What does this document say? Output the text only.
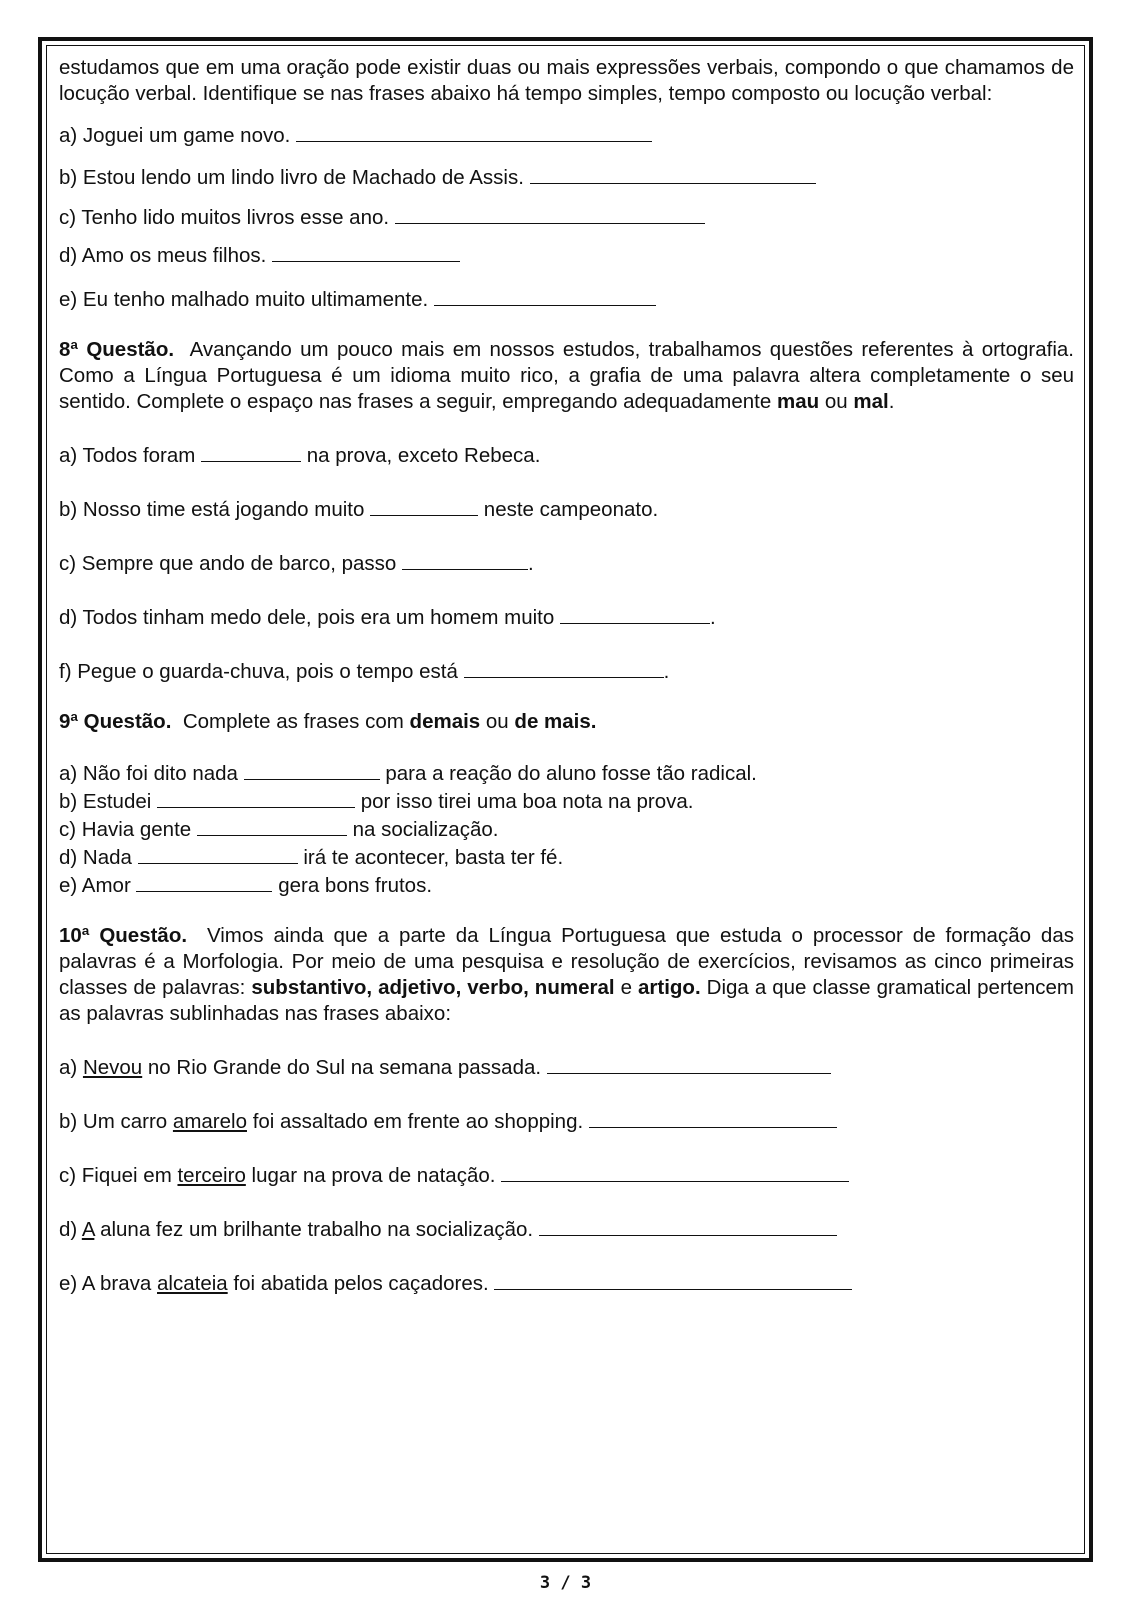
estudamos que em uma oração pode existir duas ou mais expressões verbais, compondo o que chamamos de locução verbal. Identifique se nas frases abaixo há tempo simples, tempo composto ou locução verbal:

a) Joguei um game novo.

b) Estou lendo um lindo livro de Machado de Assis.

c) Tenho lido muitos livros esse ano.

d) Amo os meus filhos.

e) Eu tenho malhado muito ultimamente.

8ª Questão. Avançando um pouco mais em nossos estudos, trabalhamos questões referentes à ortografia. Como a Língua Portuguesa é um idioma muito rico, a grafia de uma palavra altera completamente o seu sentido. Complete o espaço nas frases a seguir, empregando adequadamente mau ou mal.

a) Todos foram	na prova, exceto Rebeca.

b) Nosso time está jogando muito	neste campeonato.

c) Sempre que ando de barco, passo	.

d) Todos tinham medo dele, pois era um homem muito	.

f) Pegue o guarda-chuva, pois o tempo está	.

9ª Questão. Complete as frases com demais ou de mais.

a) Não foi dito nada	para a reação do aluno fosse tão radical.

b) Estudei	por isso tirei uma boa nota na prova.

c) Havia gente	na socialização.

d) Nada	irá te acontecer, basta ter fé.

e) Amor	gera bons frutos.

10ª Questão. Vimos ainda que a parte da Língua Portuguesa que estuda o processor de formação das palavras é a Morfologia. Por meio de uma pesquisa e resolução de exercícios, revisamos as cinco primeiras classes de palavras: substantivo, adjetivo, verbo, numeral e artigo. Diga a que classe gramatical pertencem as palavras sublinhadas nas frases abaixo:

a) Nevou no Rio Grande do Sul na semana passada.

b) Um carro amarelo foi assaltado em frente ao shopping.

c) Fiquei em terceiro lugar na prova de natação.

d) A aluna fez um brilhante trabalho na socialização.

e) A brava alcateia foi abatida pelos caçadores.

3 / 3
